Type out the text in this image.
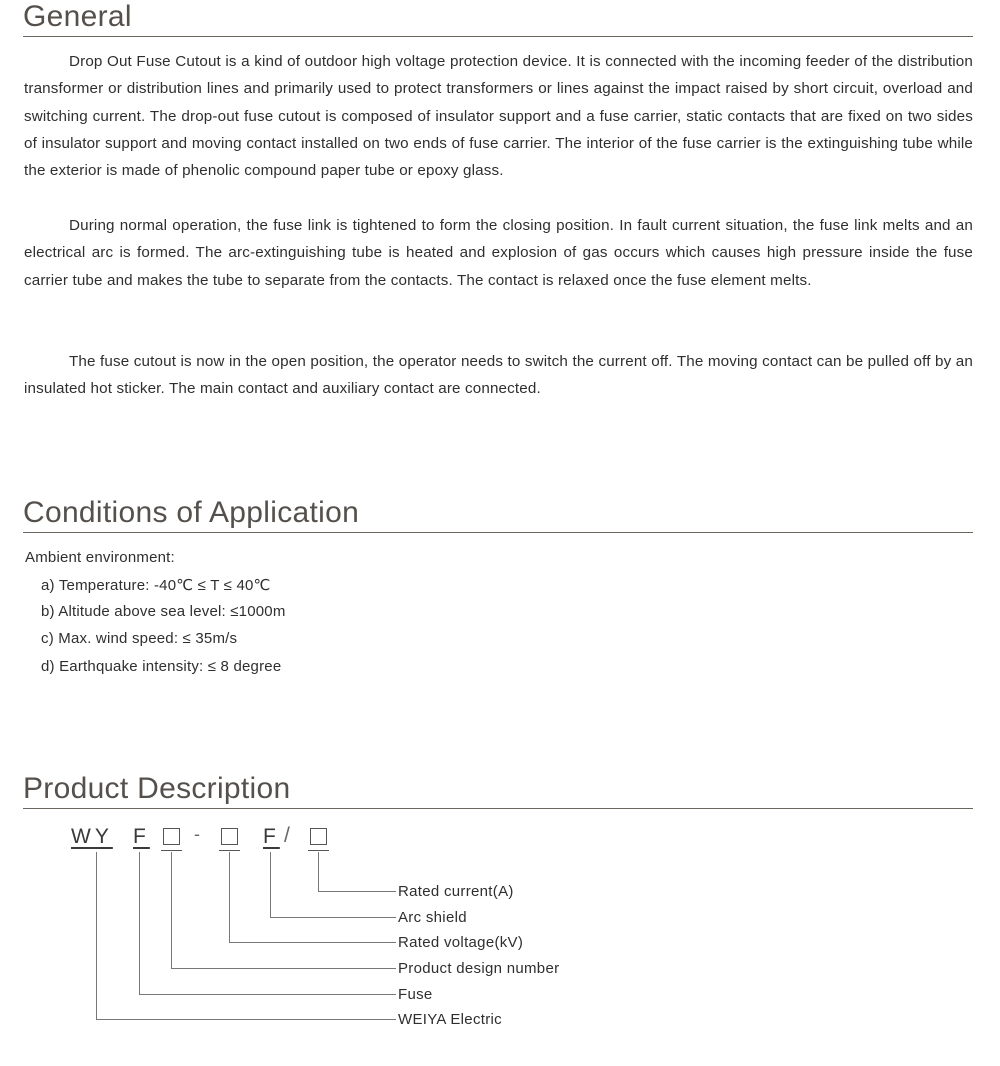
General

Drop Out Fuse Cutout is a kind of outdoor high voltage protection device. It is connected with the incoming feeder of the distribution transformer or distribution lines and primarily used to protect transformers or lines against the impact raised by short circuit, overload and switching current. The drop-out fuse cutout is composed of insulator support and a fuse carrier, static contacts that are fixed on two sides of insulator support and moving contact installed on two ends of fuse carrier. The interior of the fuse carrier is the extinguishing tube while the exterior is made of phenolic compound paper tube or epoxy glass.

During normal operation, the fuse link is tightened to form the closing position. In fault current situation, the fuse link melts and an electrical arc is formed. The arc-extinguishing tube is heated and explosion of gas occurs which causes high pressure inside the fuse carrier tube and makes the tube to separate from the contacts. The contact is relaxed once the fuse element melts.

The fuse cutout is now in the open position, the operator needs to switch the current off. The moving contact can be pulled off by an insulated hot sticker. The main contact and auxiliary contact are connected.

Conditions of Application
Ambient environment:
a) Temperature: -40℃ ≤ T ≤ 40℃
b) Altitude above sea level: ≤1000m
c) Max. wind speed: ≤ 35m/s
d) Earthquake intensity: ≤ 8 degree
Product Description
WY F -	F /
Rated current(A)
Arc shield
Rated voltage(kV)
Product design number
Fuse
WEIYA Electric
